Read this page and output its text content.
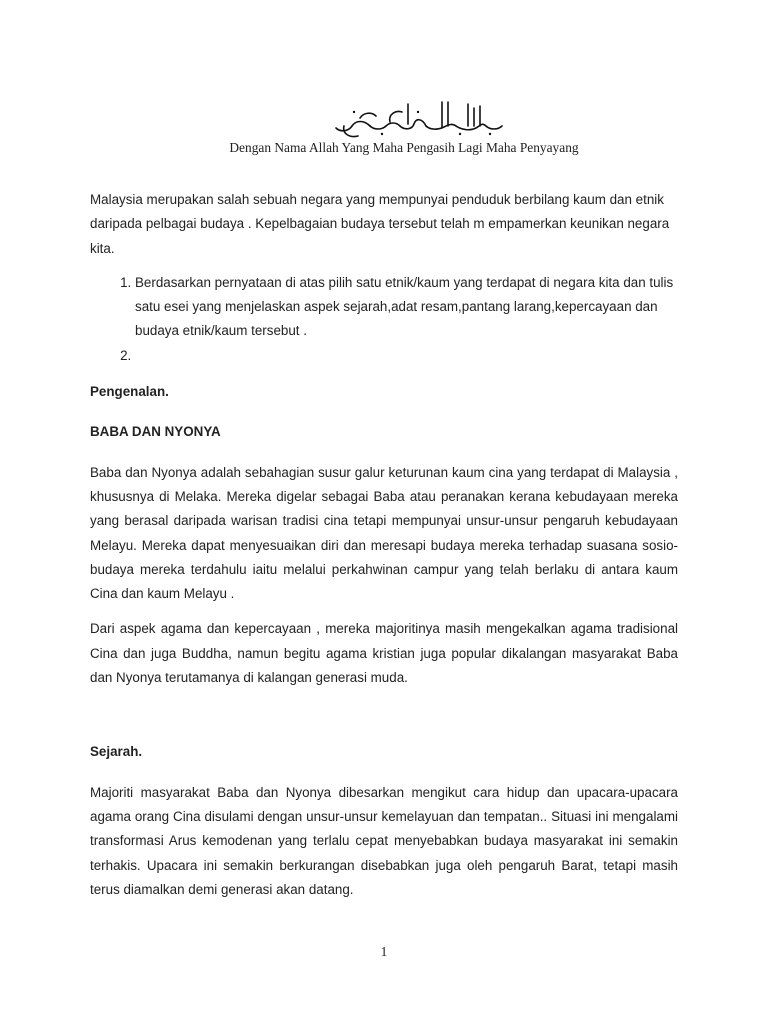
Dengan Nama Allah Yang Maha Pengasih Lagi Maha Penyayang

Malaysia merupakan salah sebuah negara yang mempunyai penduduk berbilang kaum dan etnik daripada pelbagai budaya . Kepelbagaian budaya tersebut telah m empamerkan keunikan negara kita.

1. Berdasarkan pernyataan di atas pilih satu etnik/kaum yang terdapat di negara kita dan tulis satu esei yang menjelaskan aspek sejarah,adat resam,pantang larang,kepercayaan dan budaya etnik/kaum tersebut .
2.

Pengenalan.

BABA DAN NYONYA

Baba dan Nyonya adalah sebahagian susur galur keturunan kaum cina yang terdapat di Malaysia , khususnya di Melaka. Mereka digelar sebagai Baba atau peranakan kerana kebudayaan mereka yang berasal daripada warisan tradisi cina tetapi mempunyai unsur-unsur pengaruh kebudayaan Melayu. Mereka dapat menyesuaikan diri dan meresapi budaya mereka terhadap suasana sosio-budaya mereka terdahulu iaitu melalui perkahwinan campur yang telah berlaku di antara kaum Cina dan kaum Melayu .

Dari aspek agama dan kepercayaan , mereka majoritinya masih mengekalkan agama tradisional Cina dan juga Buddha, namun begitu agama kristian juga popular dikalangan masyarakat Baba dan Nyonya terutamanya di kalangan generasi muda.

Sejarah.

Majoriti masyarakat Baba dan Nyonya dibesarkan mengikut cara hidup dan upacara-upacara agama orang Cina disulami dengan unsur-unsur kemelayuan dan tempatan.. Situasi ini mengalami transformasi Arus kemodenan yang terlalu cepat menyebabkan budaya masyarakat ini semakin terhakis. Upacara ini semakin berkurangan disebabkan juga oleh pengaruh Barat, tetapi masih terus diamalkan demi generasi akan datang.

1
